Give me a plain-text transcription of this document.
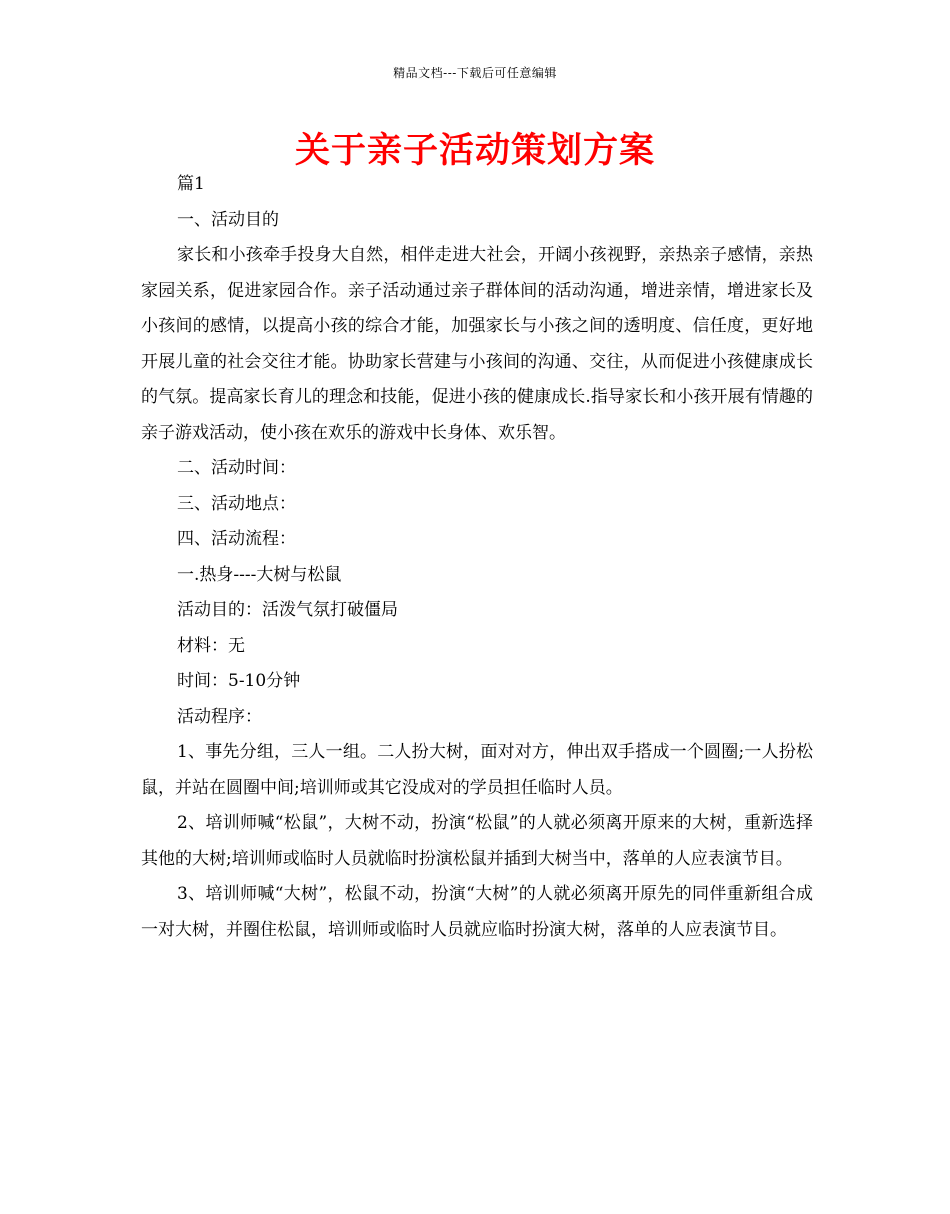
精品文档---下载后可任意编辑
关于亲子活动策划方案

篇1

一、活动目的

家长和小孩牵手投身大自然，相伴走进大社会，开阔小孩视野，亲热亲子感情，亲热家园关系，促进家园合作。亲子活动通过亲子群体间的活动沟通，增进亲情，增进家长及小孩间的感情，以提高小孩的综合才能，加强家长与小孩之间的透明度、信任度，更好地开展儿童的社会交往才能。协助家长营建与小孩间的沟通、交往，从而促进小孩健康成长的气氛。提高家长育儿的理念和技能，促进小孩的健康成长.指导家长和小孩开展有情趣的亲子游戏活动，使小孩在欢乐的游戏中长身体、欢乐智。

二、活动时间：

三、活动地点：

四、活动流程：

一.热身----大树与松鼠

活动目的：活泼气氛打破僵局

材料：无

时间：5-10分钟

活动程序：

1、事先分组，三人一组。二人扮大树，面对对方，伸出双手搭成一个圆圈;一人扮松鼠，并站在圆圈中间;培训师或其它没成对的学员担任临时人员。

2、培训师喊“松鼠”，大树不动，扮演“松鼠”的人就必须离开原来的大树，重新选择其他的大树;培训师或临时人员就临时扮演松鼠并插到大树当中，落单的人应表演节目。

3、培训师喊“大树”，松鼠不动，扮演“大树”的人就必须离开原先的同伴重新组合成一对大树，并圈住松鼠，培训师或临时人员就应临时扮演大树，落单的人应表演节目。
